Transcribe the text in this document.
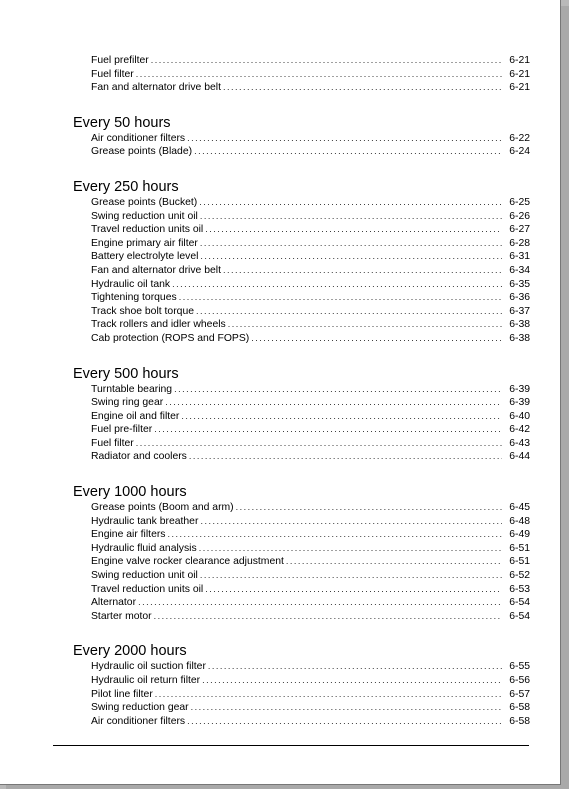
Fuel prefilter .....	6-21
Fuel filter .....	6-21
Fan and alternator drive belt .....	6-21
Every 50 hours
Air conditioner filters .....	6-22
Grease points (Blade) .....	6-24
Every 250 hours
Grease points (Bucket) .....	6-25
Swing reduction unit oil .....	6-26
Travel reduction units oil .....	6-27
Engine primary air filter .....	6-28
Battery electrolyte level .....	6-31
Fan and alternator drive belt .....	6-34
Hydraulic oil tank .....	6-35
Tightening torques .....	6-36
Track shoe bolt torque .....	6-37
Track rollers and idler wheels .....	6-38
Cab protection (ROPS and FOPS) .....	6-38
Every 500 hours
Turntable bearing .....	6-39
Swing ring gear .....	6-39
Engine oil and filter .....	6-40
Fuel pre-filter .....	6-42
Fuel filter .....	6-43
Radiator and coolers .....	6-44
Every 1000 hours
Grease points (Boom and arm) .....	6-45
Hydraulic tank breather .....	6-48
Engine air filters .....	6-49
Hydraulic fluid analysis .....	6-51
Engine valve rocker clearance adjustment .....	6-51
Swing reduction unit oil .....	6-52
Travel reduction units oil .....	6-53
Alternator .....	6-54
Starter motor .....	6-54
Every 2000 hours
Hydraulic oil suction filter .....	6-55
Hydraulic oil return filter .....	6-56
Pilot line filter .....	6-57
Swing reduction gear .....	6-58
Air conditioner filters .....	6-58
